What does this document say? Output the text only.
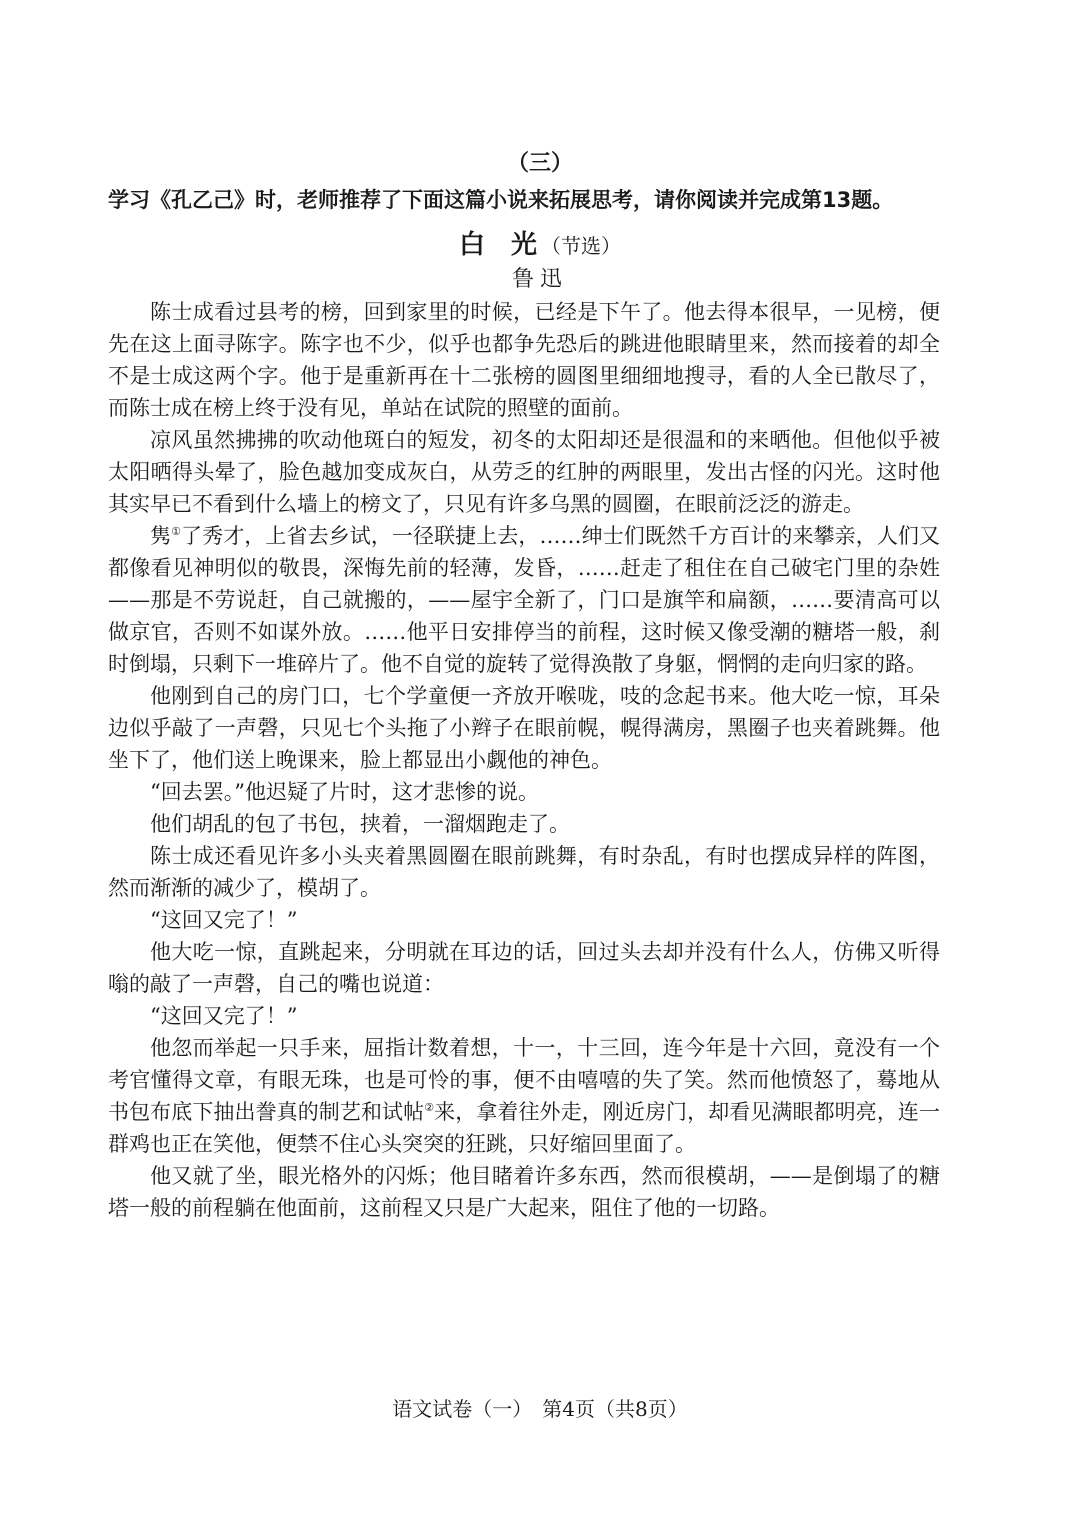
（三）
学习《孔乙己》时，老师推荐了下面这篇小说来拓展思考，请你阅读并完成第13题。
白　光 （节选）
鲁迅

陈士成看过县考的榜，回到家里的时候，已经是下午了。他去得本很早，一见榜，便先在这上面寻陈字。陈字也不少，似乎也都争先恐后的跳进他眼睛里来，然而接着的却全不是士成这两个字。他于是重新再在十二张榜的圆图里细细地搜寻，看的人全已散尽了，而陈士成在榜上终于没有见，单站在试院的照壁的面前。

凉风虽然拂拂的吹动他斑白的短发，初冬的太阳却还是很温和的来晒他。但他似乎被太阳晒得头晕了，脸色越加变成灰白，从劳乏的红肿的两眼里，发出古怪的闪光。这时他其实早已不看到什么墙上的榜文了，只见有许多乌黑的圆圈，在眼前泛泛的游走。

隽①了秀才，上省去乡试，一径联捷上去，……绅士们既然千方百计的来攀亲，人们又都像看见神明似的敬畏，深悔先前的轻薄，发昏，……赶走了租住在自己破宅门里的杂姓——那是不劳说赶，自己就搬的，——屋宇全新了，门口是旗竿和扁额，……要清高可以做京官，否则不如谋外放。……他平日安排停当的前程，这时候又像受潮的糖塔一般，刹时倒塌，只剩下一堆碎片了。他不自觉的旋转了觉得涣散了身躯，惘惘的走向归家的路。

他刚到自己的房门口，七个学童便一齐放开喉咙，吱的念起书来。他大吃一惊，耳朵边似乎敲了一声磬，只见七个头拖了小辫子在眼前幌，幌得满房，黑圈子也夹着跳舞。他坐下了，他们送上晚课来，脸上都显出小觑他的神色。

“回去罢。”他迟疑了片时，这才悲惨的说。

他们胡乱的包了书包，挟着，一溜烟跑走了。

陈士成还看见许多小头夹着黑圆圈在眼前跳舞，有时杂乱，有时也摆成异样的阵图，然而渐渐的减少了，模胡了。

“这回又完了！”

他大吃一惊，直跳起来，分明就在耳边的话，回过头去却并没有什么人，仿佛又听得嗡的敲了一声磬，自己的嘴也说道：

“这回又完了！”

他忽而举起一只手来，屈指计数着想，十一，十三回，连今年是十六回，竟没有一个考官懂得文章，有眼无珠，也是可怜的事，便不由嘻嘻的失了笑。然而他愤怒了，蓦地从书包布底下抽出誊真的制艺和试帖②来，拿着往外走，刚近房门，却看见满眼都明亮，连一群鸡也正在笑他，便禁不住心头突突的狂跳，只好缩回里面了。

他又就了坐，眼光格外的闪烁；他目睹着许多东西，然而很模胡，——是倒塌了的糖塔一般的前程躺在他面前，这前程又只是广大起来，阻住了他的一切路。

语文试卷（一）　第4页（共8页）
